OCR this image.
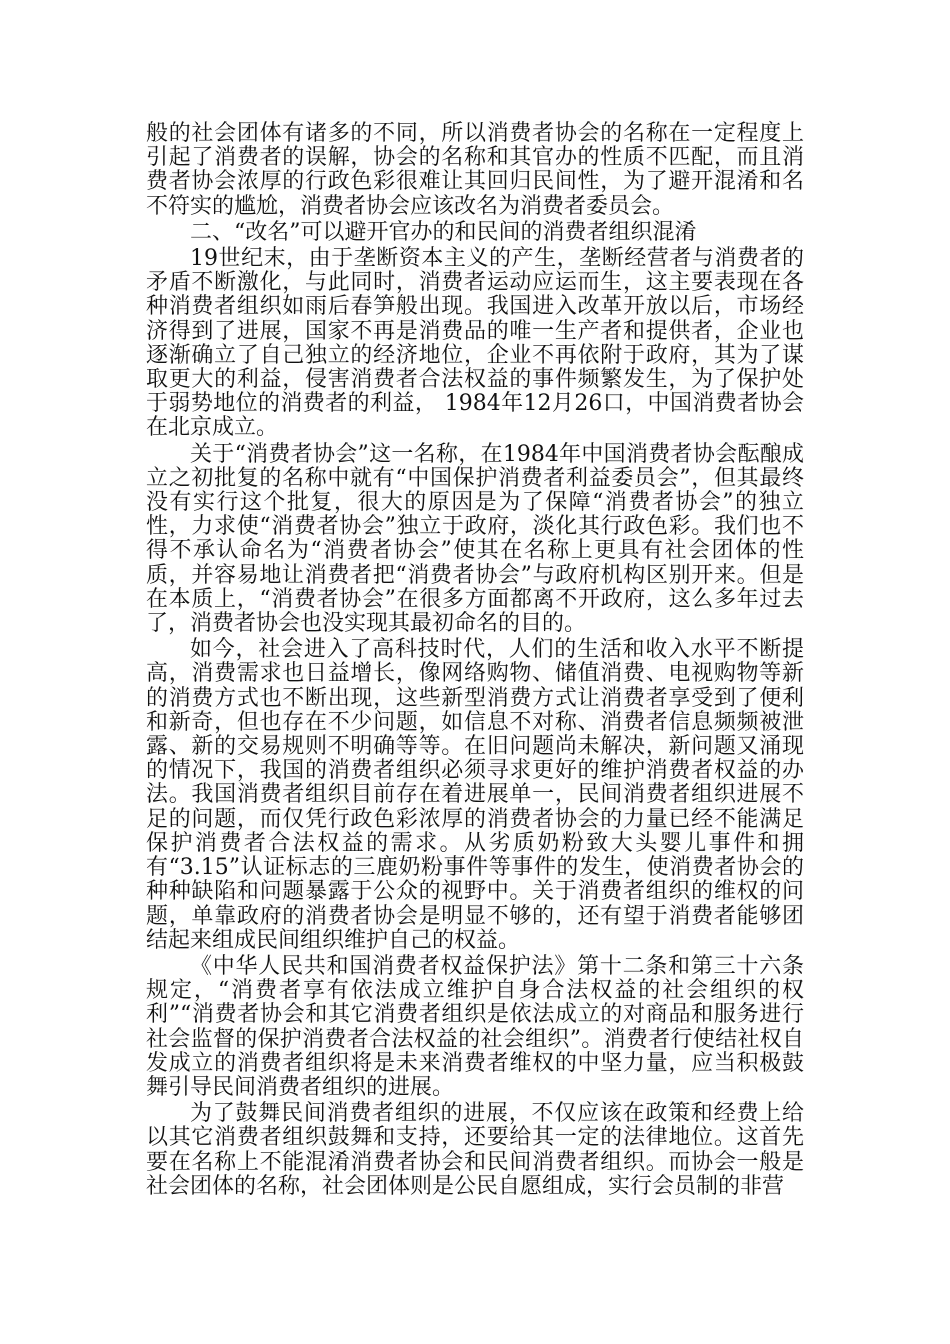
般的社会团体有诸多的不同，所以消费者协会的名称在一定程度上引起了消费者的误解，协会的名称和其官办的性质不匹配，而且消费者协会浓厚的行政色彩很难让其回归民间性，为了避开混淆和名不符实的尴尬，消费者协会应该改名为消费者委员会。

二、“改名”可以避开官办的和民间的消费者组织混淆

19世纪末，由于垄断资本主义的产生，垄断经营者与消费者的矛盾不断激化，与此同时，消费者运动应运而生，这主要表现在各种消费者组织如雨后春笋般出现。我国进入改革开放以后，市场经济得到了进展，国家不再是消费品的唯一生产者和提供者，企业也逐渐确立了自己独立的经济地位，企业不再依附于政府，其为了谋取更大的利益，侵害消费者合法权益的事件频繁发生，为了保护处于弱势地位的消费者的利益， 1984年12月26口，中国消费者协会在北京成立。

关于“消费者协会”这一名称，在1984年中国消费者协会酝酿成立之初批复的名称中就有“中国保护消费者利益委员会”，但其最终没有实行这个批复，很大的原因是为了保障“消费者协会”的独立性，力求使“消费者协会”独立于政府，淡化其行政色彩。我们也不得不承认命名为“消费者协会”使其在名称上更具有社会团体的性质，并容易地让消费者把“消费者协会”与政府机构区别开来。但是在本质上，“消费者协会”在很多方面都离不开政府，这么多年过去了，消费者协会也没实现其最初命名的目的。

如今，社会进入了高科技时代，人们的生活和收入水平不断提高，消费需求也日益增长，像网络购物、储值消费、电视购物等新的消费方式也不断出现，这些新型消费方式让消费者享受到了便利和新奇，但也存在不少问题，如信息不对称、消费者信息频频被泄露、新的交易规则不明确等等。在旧问题尚未解决，新问题又涌现的情况下，我国的消费者组织必须寻求更好的维护消费者权益的办法。我国消费者组织目前存在着进展单一，民间消费者组织进展不足的问题，而仅凭行政色彩浓厚的消费者协会的力量已经不能满足保护消费者合法权益的需求。从劣质奶粉致大头婴儿事件和拥有“3.15”认证标志的三鹿奶粉事件等事件的发生，使消费者协会的种种缺陷和问题暴露于公众的视野中。关于消费者组织的维权的问题，单靠政府的消费者协会是明显不够的，还有望于消费者能够团结起来组成民间组织维护自己的权益。

《中华人民共和国消费者权益保护法》第十二条和第三十六条规定，“消费者享有依法成立维护自身合法权益的社会组织的权利”“消费者协会和其它消费者组织是依法成立的对商品和服务进行社会监督的保护消费者合法权益的社会组织”。消费者行使结社权自发成立的消费者组织将是未来消费者维权的中坚力量，应当积极鼓舞引导民间消费者组织的进展。

为了鼓舞民间消费者组织的进展，不仅应该在政策和经费上给以其它消费者组织鼓舞和支持，还要给其一定的法律地位。这首先要在名称上不能混淆消费者协会和民间消费者组织。而协会一般是社会团体的名称，社会团体则是公民自愿组成，实行会员制的非营
